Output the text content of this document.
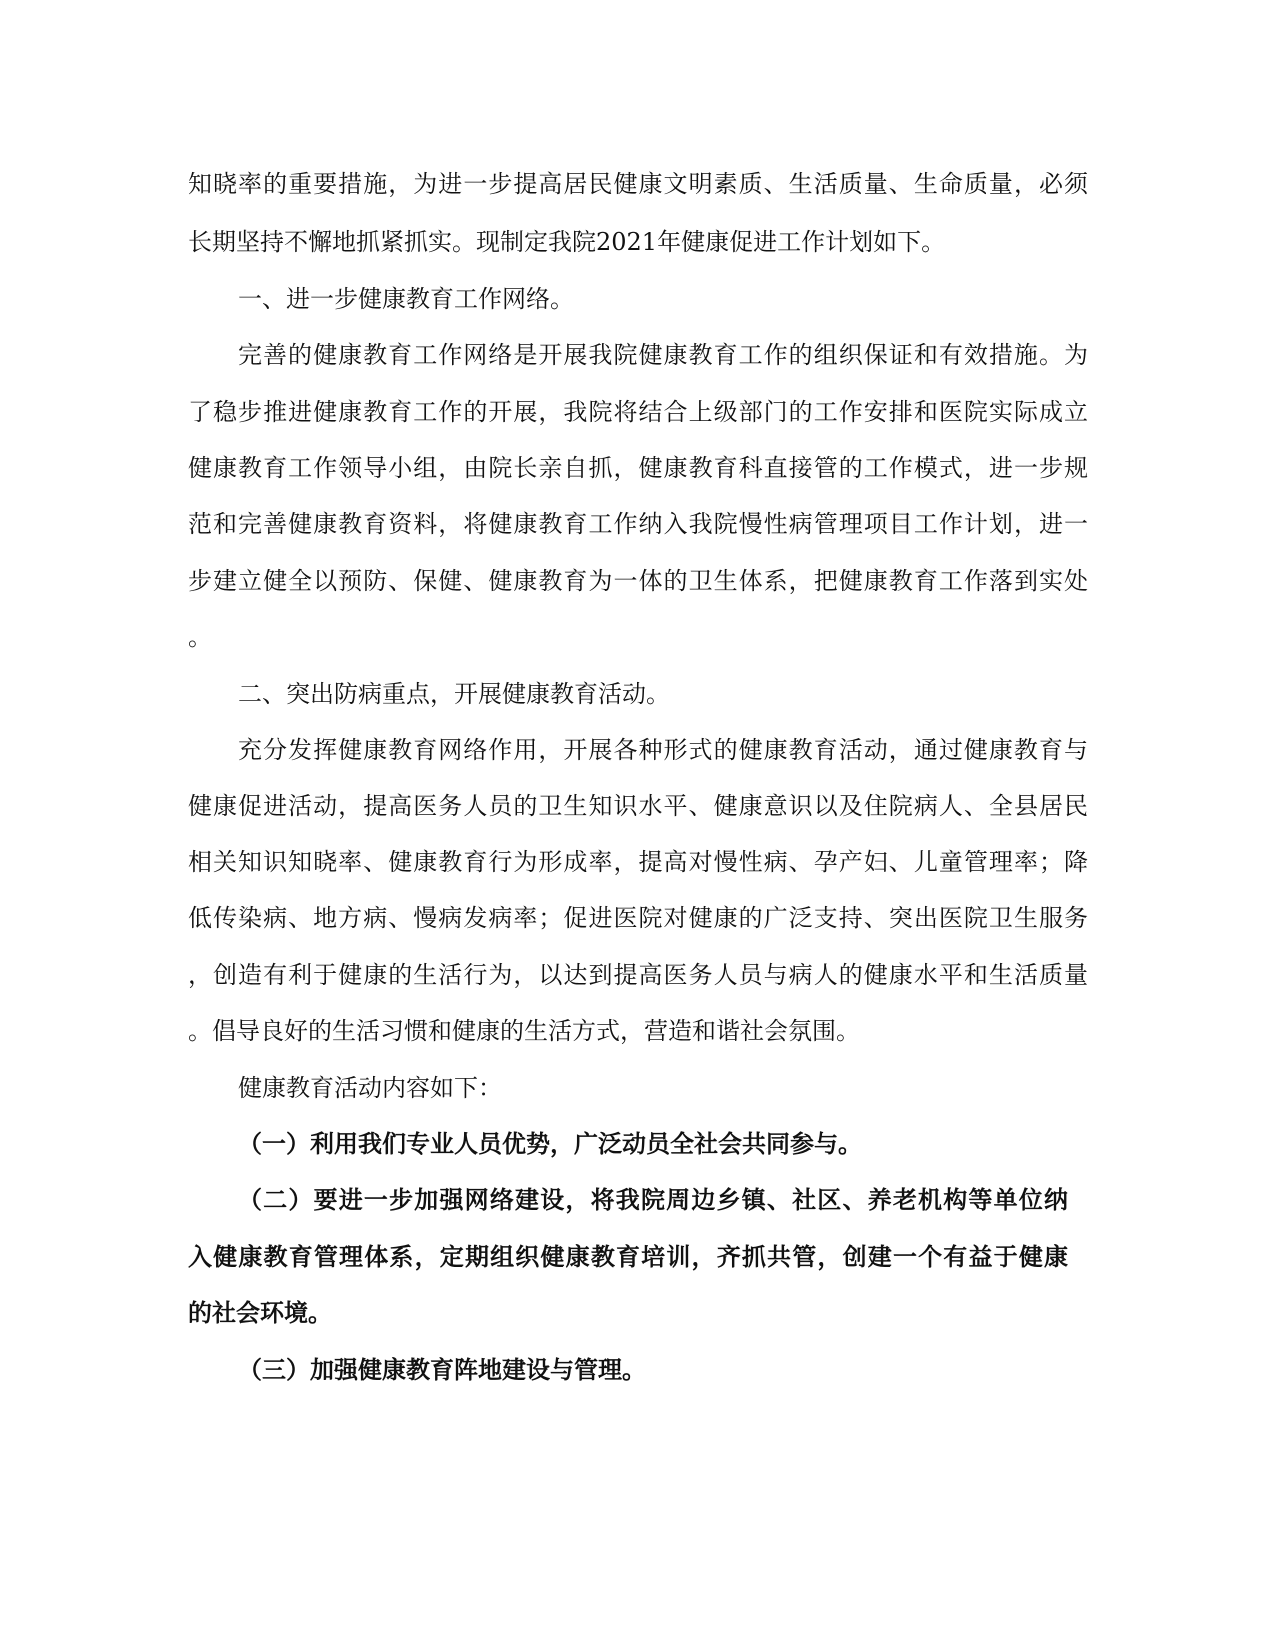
知晓率的重要措施，为进一步提高居民健康文明素质、生活质量、生命质量，必须
长期坚持不懈地抓紧抓实。现制定我院2021年健康促进工作计划如下。
一、进一步健康教育工作网络。
完善的健康教育工作网络是开展我院健康教育工作的组织保证和有效措施。为
了稳步推进健康教育工作的开展，我院将结合上级部门的工作安排和医院实际成立
健康教育工作领导小组，由院长亲自抓，健康教育科直接管的工作模式，进一步规
范和完善健康教育资料，将健康教育工作纳入我院慢性病管理项目工作计划，进一
步建立健全以预防、保健、健康教育为一体的卫生体系，把健康教育工作落到实处
。
二、突出防病重点，开展健康教育活动。
充分发挥健康教育网络作用，开展各种形式的健康教育活动，通过健康教育与
健康促进活动，提高医务人员的卫生知识水平、健康意识以及住院病人、全县居民
相关知识知晓率、健康教育行为形成率，提高对慢性病、孕产妇、儿童管理率；降
低传染病、地方病、慢病发病率；促进医院对健康的广泛支持、突出医院卫生服务
，创造有利于健康的生活行为，以达到提高医务人员与病人的健康水平和生活质量
。倡导良好的生活习惯和健康的生活方式，营造和谐社会氛围。
健康教育活动内容如下：
（一）利用我们专业人员优势，广泛动员全社会共同参与。
（二）要进一步加强网络建设，将我院周边乡镇、社区、养老机构等单位纳
入健康教育管理体系，定期组织健康教育培训，齐抓共管，创建一个有益于健康
的社会环境。
（三）加强健康教育阵地建设与管理。
